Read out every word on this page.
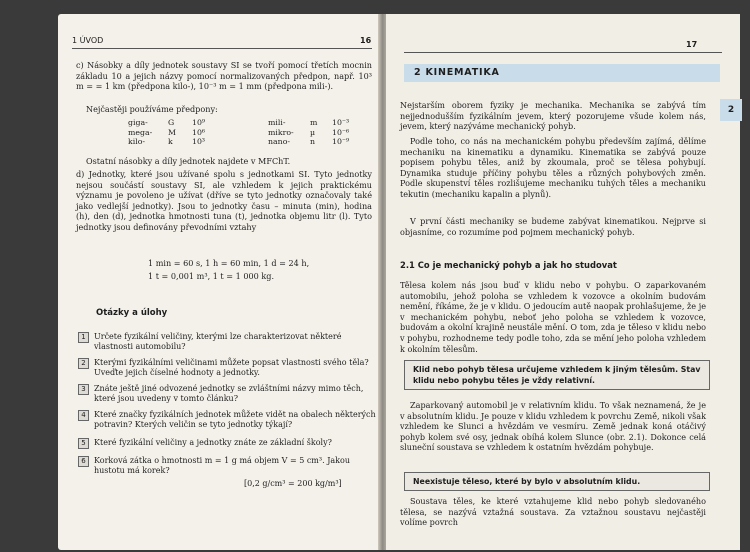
1 ÚVOD	16

c) Násobky a díly jednotek soustavy SI se tvoří pomocí třetích mocnin základu 10 a jejich názvy pomocí normalizovaných předpon, např. 10³ m = = 1 km (předpona kilo-), 10⁻³ m = 1 mm (předpona mili-).

Nejčastěji používáme předpony:

giga-	G	10⁹	mili-	m	10⁻³
mega-	M	10⁶	mikro-	µ	10⁻⁶
kilo-	k	10³	nano-	n	10⁻⁹

Ostatní násobky a díly jednotek najdete v MFChT.

d) Jednotky, které jsou užívané spolu s jednotkami SI. Tyto jednotky nejsou součástí soustavy SI, ale vzhledem k jejich praktickému významu je povoleno je užívat (dříve se tyto jednotky označovaly také jako vedlejší jednotky). Jsou to jednotky času – minuta (min), hodina (h), den (d), jednotka hmotnosti tuna (t), jednotka objemu litr (l). Tyto jednotky jsou definovány převodními vztahy

1 min = 60 s, 1 h = 60 min, 1 d = 24 h,

1 t = 0,001 m³, 1 t = 1 000 kg.

Otázky a úlohy
1	Určete fyzikální veličiny, kterými lze charakterizovat některé vlastnosti automobilu?
2	Kterými fyzikálními veličinami můžete popsat vlastnosti svého těla? Uveďte jejich číselné hodnoty a jednotky.
3	Znáte ještě jiné odvozené jednotky se zvláštními názvy mimo těch, které jsou uvedeny v tomto článku?
4	Které značky fyzikálních jednotek můžete vidět na obalech některých potravin? Kterých veličin se tyto jednotky týkají?
5	Které fyzikální veličiny a jednotky znáte ze základní školy?
6	Korková zátka o hmotnosti m = 1 g má objem V = 5 cm³. Jakou hustotu má korek?
[0,2 g/cm³ = 200 kg/m³]
17
2 KINEMATIKA

Nejstarším oborem fyziky je mechanika. Mechanika se zabývá tím nejjednodušším fyzikálním jevem, který pozorujeme všude kolem nás, jevem, který nazýváme mechanický pohyb.

Podle toho, co nás na mechanickém pohybu především zajímá, dělíme mechaniku na kinematiku a dynamiku. Kinematika se zabývá pouze popisem pohybu těles, aniž by zkoumala, proč se tělesa pohybují. Dynamika studuje příčiny pohybu těles a různých pohybových změn. Podle skupenství těles rozlišujeme mechaniku tuhých těles a mechaniku tekutin (mechaniku kapalin a plynů).

V první části mechaniky se budeme zabývat kinematikou. Nejprve si objasníme, co rozumíme pod pojmem mechanický pohyb.

2.1 Co je mechanický pohyb a jak ho studovat

Tělesa kolem nás jsou buď v klidu nebo v pohybu. O zaparkovaném automobilu, jehož poloha se vzhledem k vozovce a okolním budovám nemění, říkáme, že je v klidu. O jedoucím autě naopak prohlašujeme, že je v mechanickém pohybu, neboť jeho poloha se vzhledem k vozovce, budovám a okolní krajině neustále mění. O tom, zda je těleso v klidu nebo v pohybu, rozhodneme tedy podle toho, zda se mění jeho poloha vzhledem k okolním tělesům.

Klid nebo pohyb tělesa určujeme vzhledem k jiným tělesům. Stav klidu nebo pohybu těles je vždy relativní.

Zaparkovaný automobil je v relativním klidu. To však neznamená, že je v absolutním klidu. Je pouze v klidu vzhledem k povrchu Země, nikoli však vzhledem ke Slunci a hvězdám ve vesmíru. Země jednak koná otáčivý pohyb kolem své osy, jednak obíhá kolem Slunce (obr. 2.1). Dokonce celá sluneční soustava se vzhledem k ostatním hvězdám pohybuje.

Neexistuje těleso, které by bylo v absolutním klidu.

Soustava těles, ke které vztahujeme klid nebo pohyb sledovaného tělesa, se nazývá vztažná soustava. Za vztažnou soustavu nejčastěji volíme povrch

2
